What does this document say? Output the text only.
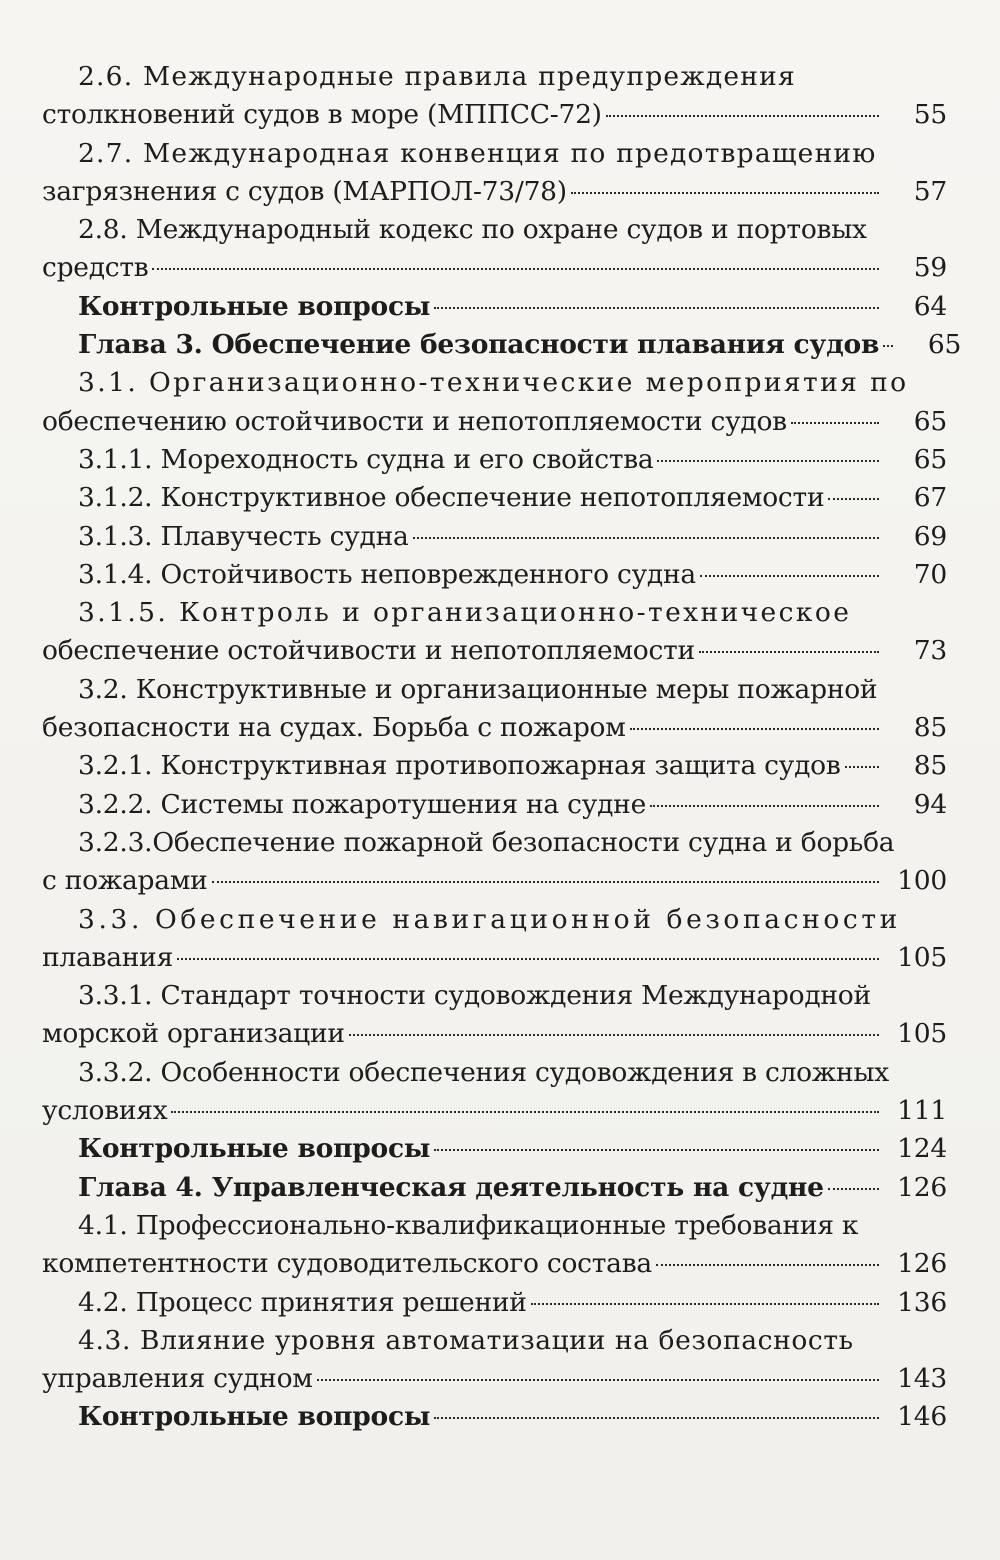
2.6. Международные правила предупреждения
столкновений судов в море (МППСС-72)	55
2.7. Международная конвенция по предотвращению
загрязнения с судов (МАРПОЛ-73/78)	57
2.8. Международный кодекс по охране судов и портовых
средств	59
Контрольные вопросы	64
Глава 3. Обеспечение безопасности плавания судов	65
3.1. Организационно-технические мероприятия по
обеспечению остойчивости и непотопляемости судов	65
3.1.1. Мореходность судна и его свойства	65
3.1.2. Конструктивное обеспечение непотопляемости	67
3.1.3. Плавучесть судна	69
3.1.4. Остойчивость неповрежденного судна	70
3.1.5. Контроль и организационно-техническое
обеспечение остойчивости и непотопляемости	73
3.2. Конструктивные и организационные меры пожарной
безопасности на судах. Борьба с пожаром	85
3.2.1. Конструктивная противопожарная защита судов	85
3.2.2. Системы пожаротушения на судне	94
3.2.3.Обеспечение пожарной безопасности судна и борьба
с пожарами	100
3.3. Обеспечение навигационной безопасности
плавания	105
3.3.1. Стандарт точности судовождения Международной
морской организации	105
3.3.2. Особенности обеспечения судовождения в сложных
условиях	111
Контрольные вопросы	124
Глава 4. Управленческая деятельность на судне	126
4.1. Профессионально-квалификационные требования к
компетентности судоводительского состава	126
4.2. Процесс принятия решений	136
4.3. Влияние уровня автоматизации на безопасность
управления судном	143
Контрольные вопросы	146
